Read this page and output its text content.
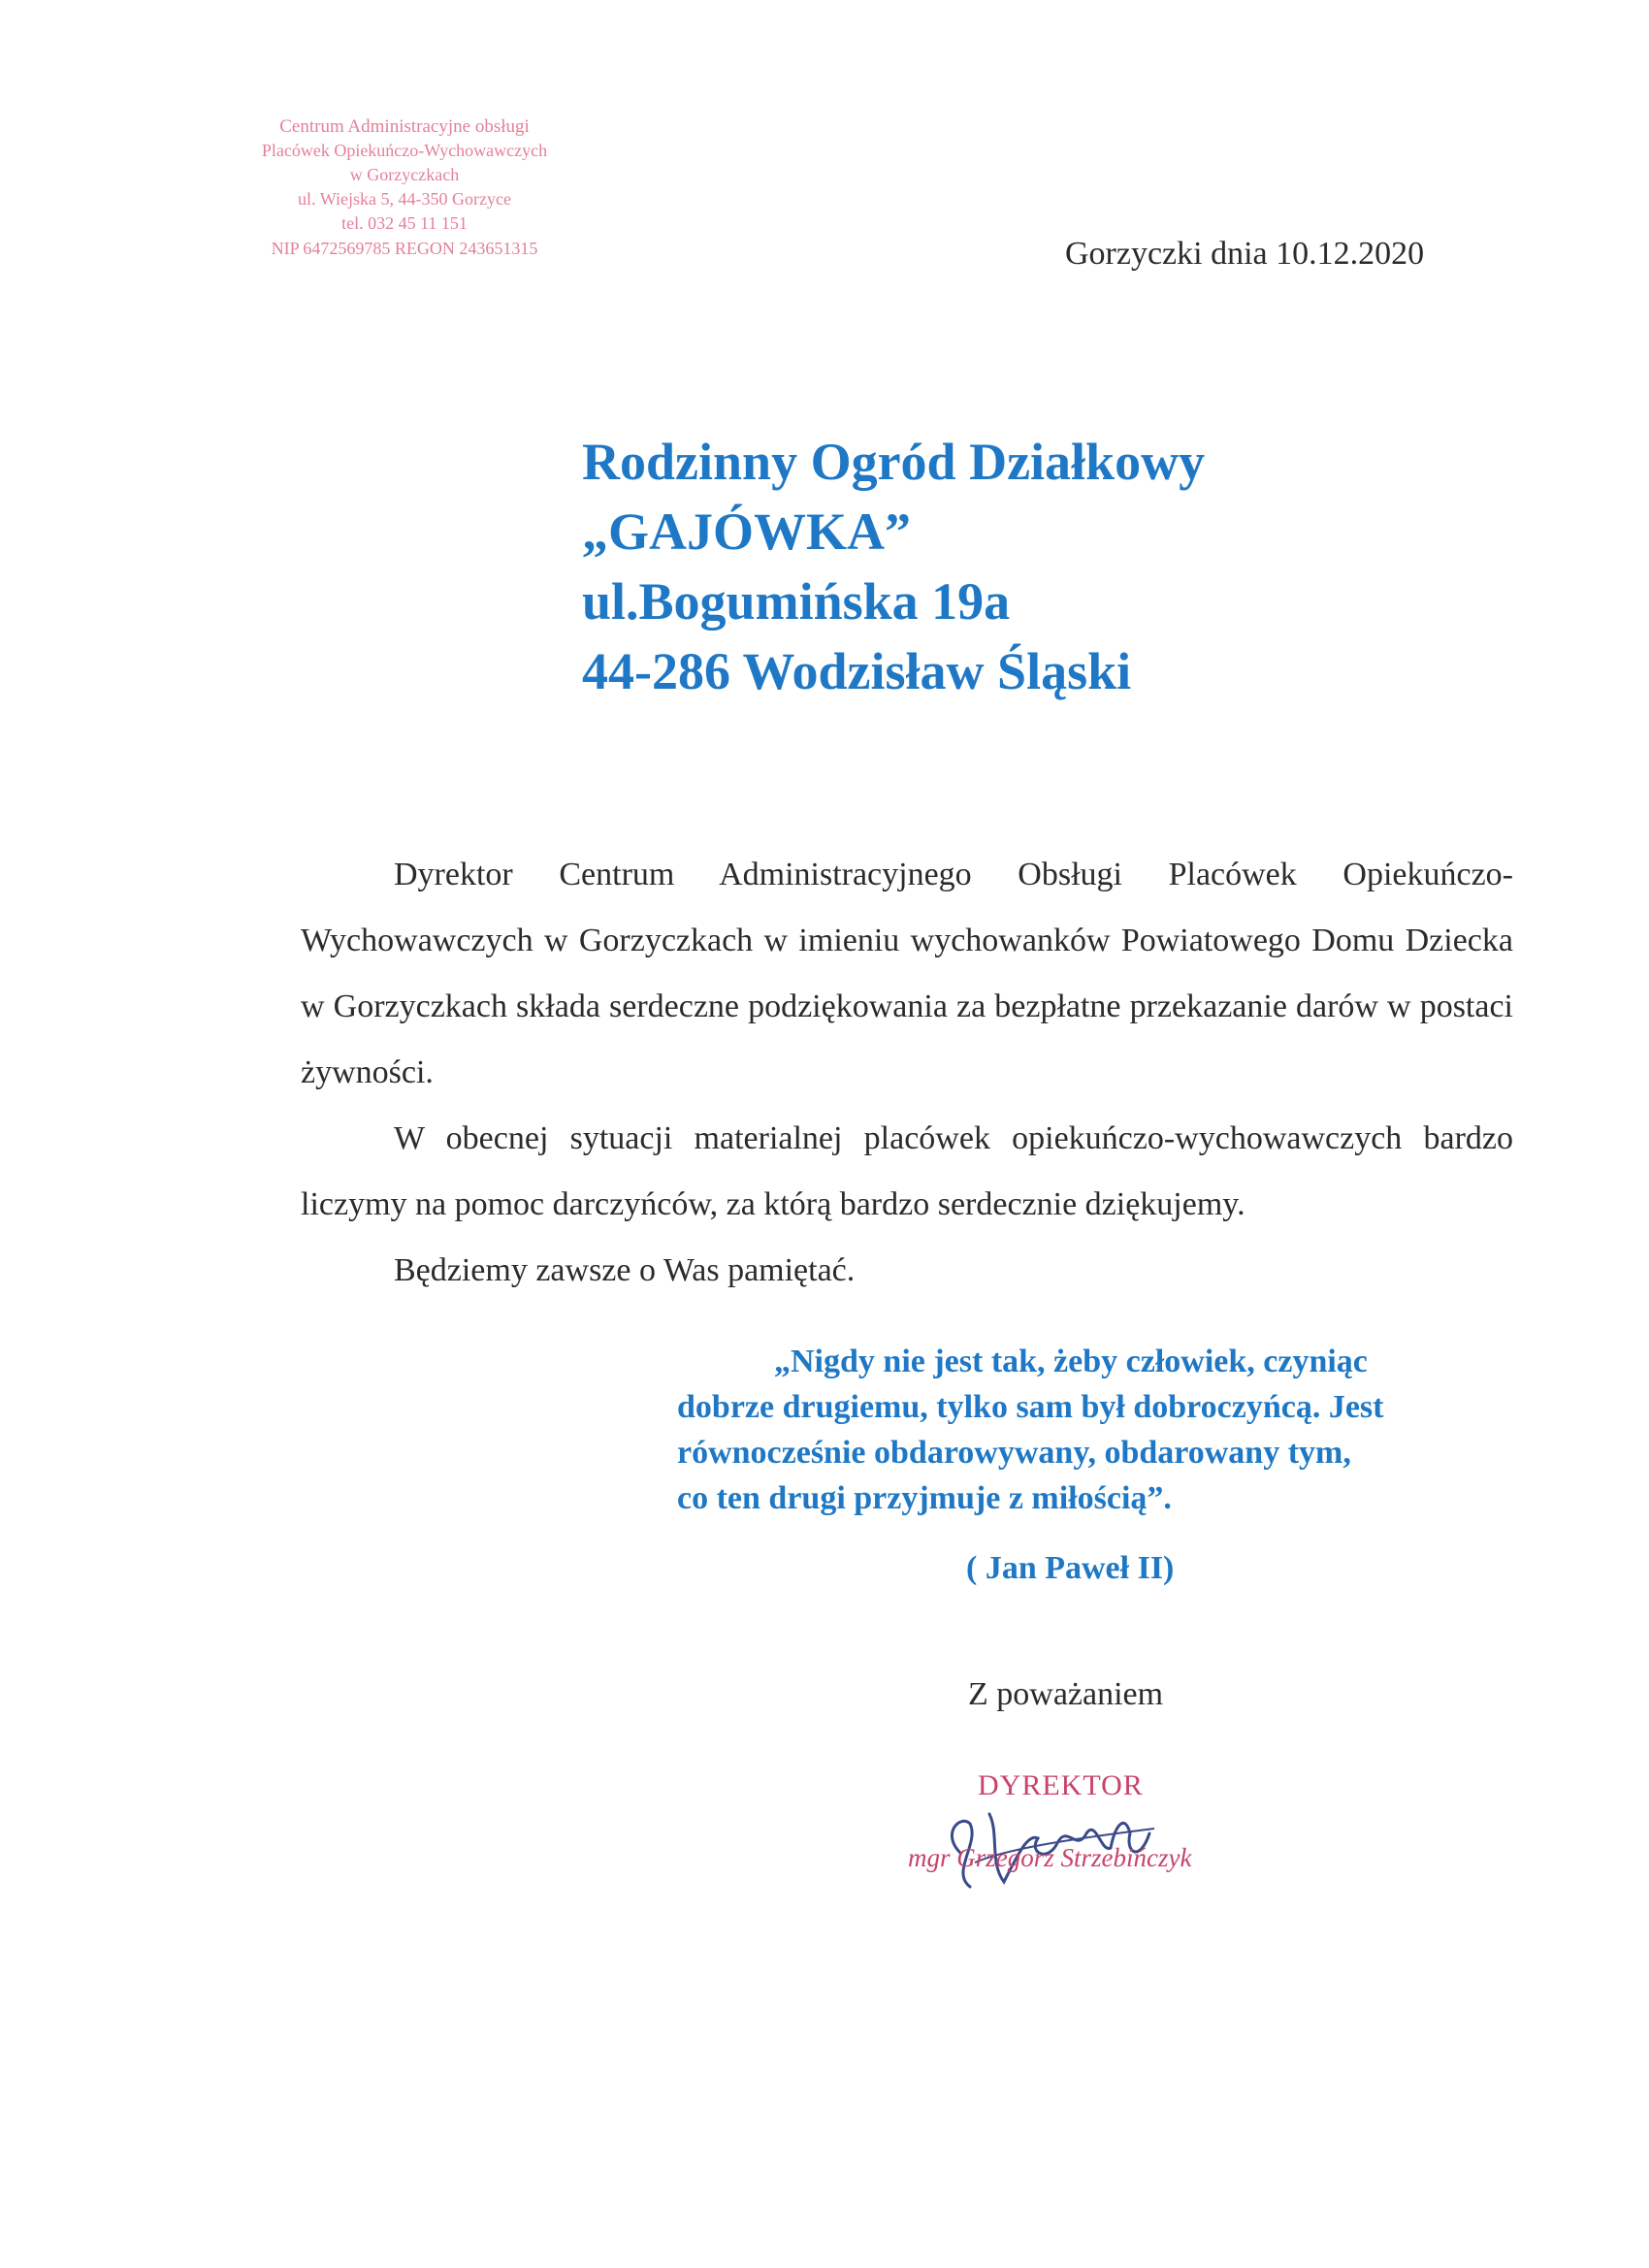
Centrum Administracyjne obsługi
Placówek Opiekuńczo-Wychowawczych
w Gorzyczkach
ul. Wiejska 5, 44-350 Gorzyce
tel. 032 45 11 151
NIP 6472569785 REGON 243651315	Gorzyczki dnia 10.12.2020
Rodzinny Ogród Działkowy
„GAJÓWKA”
ul.Bogumińska 19a
44-286 Wodzisław Śląski

Dyrektor Centrum Administracyjnego Obsługi Placówek Opiekuńczo-Wychowawczych w Gorzyczkach w imieniu wychowanków Powiatowego Domu Dziecka w Gorzyczkach składa serdeczne podziękowania za bezpłatne przekazanie darów w postaci żywności.

W obecnej sytuacji materialnej placówek opiekuńczo-wychowawczych bardzo liczymy na pomoc darczyńców, za którą bardzo serdecznie dziękujemy.

Będziemy zawsze o Was pamiętać.

„Nigdy nie jest tak, żeby człowiek, czyniąc
dobrze drugiemu, tylko sam był dobroczyńcą. Jest
równocześnie obdarowywany, obdarowany tym,
co ten drugi przyjmuje z miłością”.
( Jan Paweł II)
Z poważaniem
DYREKTOR
mgr Grzegorz Strzebińczyk
